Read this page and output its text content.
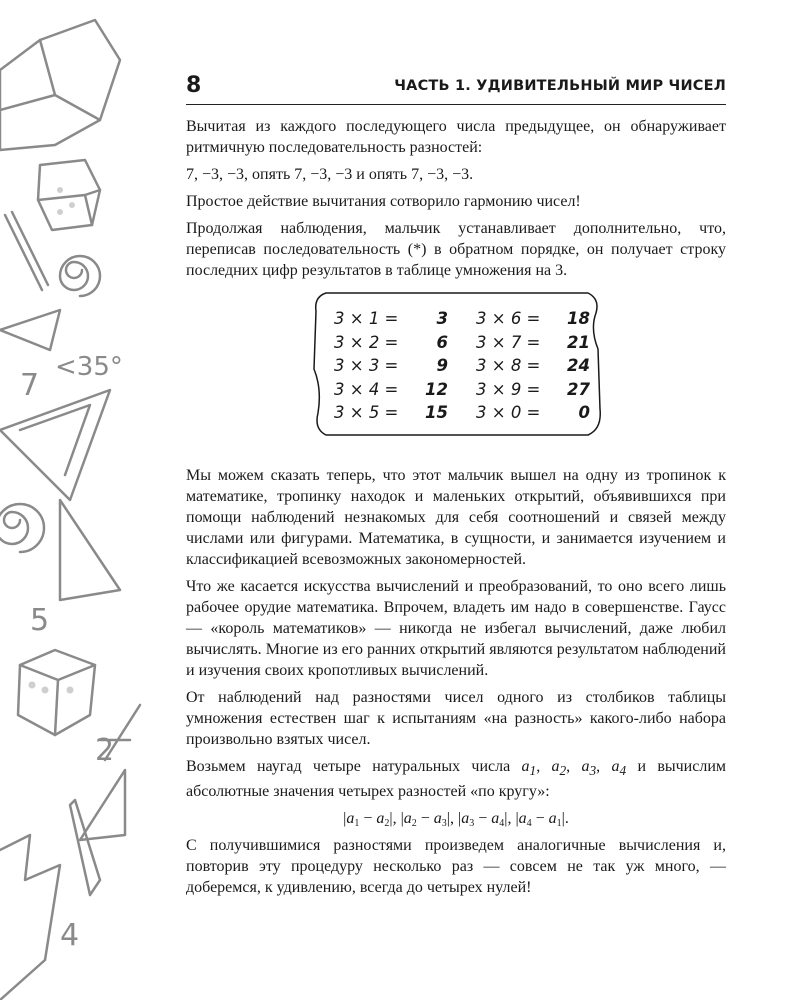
7
<35°
5
2
4
8	ЧАСТЬ 1. УДИВИТЕЛЬНЫЙ МИР ЧИСЕЛ

Вычитая из каждого последующего числа предыдущее, он обнаруживает ритмичную последовательность разностей:

7, −3, −3, опять 7, −3, −3 и опять 7, −3, −3.

Простое действие вычитания сотворило гармонию чисел!

Продолжая наблюдения, мальчик устанавливает дополнительно, что, переписав последовательность (*) в обратном порядке, он получает строку последних цифр результатов в таблице умножения на 3.

3 × 1 =	3 3 × 6 =	18
3 × 2 =	6 3 × 7 =	21
3 × 3 =	9 3 × 8 =	24
3 × 4 =	12 3 × 9 =	27
3 × 5 =	15 3 × 0 =	0

Мы можем сказать теперь, что этот мальчик вышел на одну из тропинок к математике, тропинку находок и маленьких открытий, объявившихся при помощи наблюдений незнакомых для себя соотношений и связей между числами или фигурами. Математика, в сущности, и занимается изучением и классификацией всевозможных закономерностей.

Что же касается искусства вычислений и преобразований, то оно всего лишь рабочее орудие математика. Впрочем, владеть им надо в совершенстве. Гаусс — «король математиков» — никогда не избегал вычислений, даже любил вычислять. Многие из его ранних открытий являются результатом наблюдений и изучения своих кропотливых вычислений.

От наблюдений над разностями чисел одного из столбиков таблицы умножения естествен шаг к испытаниям «на разность» какого-либо набора произвольно взятых чисел.

Возьмем наугад четыре натуральных числа $a_1$, $a_2$, $a_3$, $a_4$ и вычислим абсолютные значения четырех разностей «по кругу»:

$|a_1 - a_2|$, $|a_2 - a_3|$, $|a_3 - a_4|$, $|a_4 - a_1|$.

С получившимися разностями произведем аналогичные вычисления и, повторив эту процедуру несколько раз — совсем не так уж много, — доберемся, к удивлению, всегда до четырех нулей!
